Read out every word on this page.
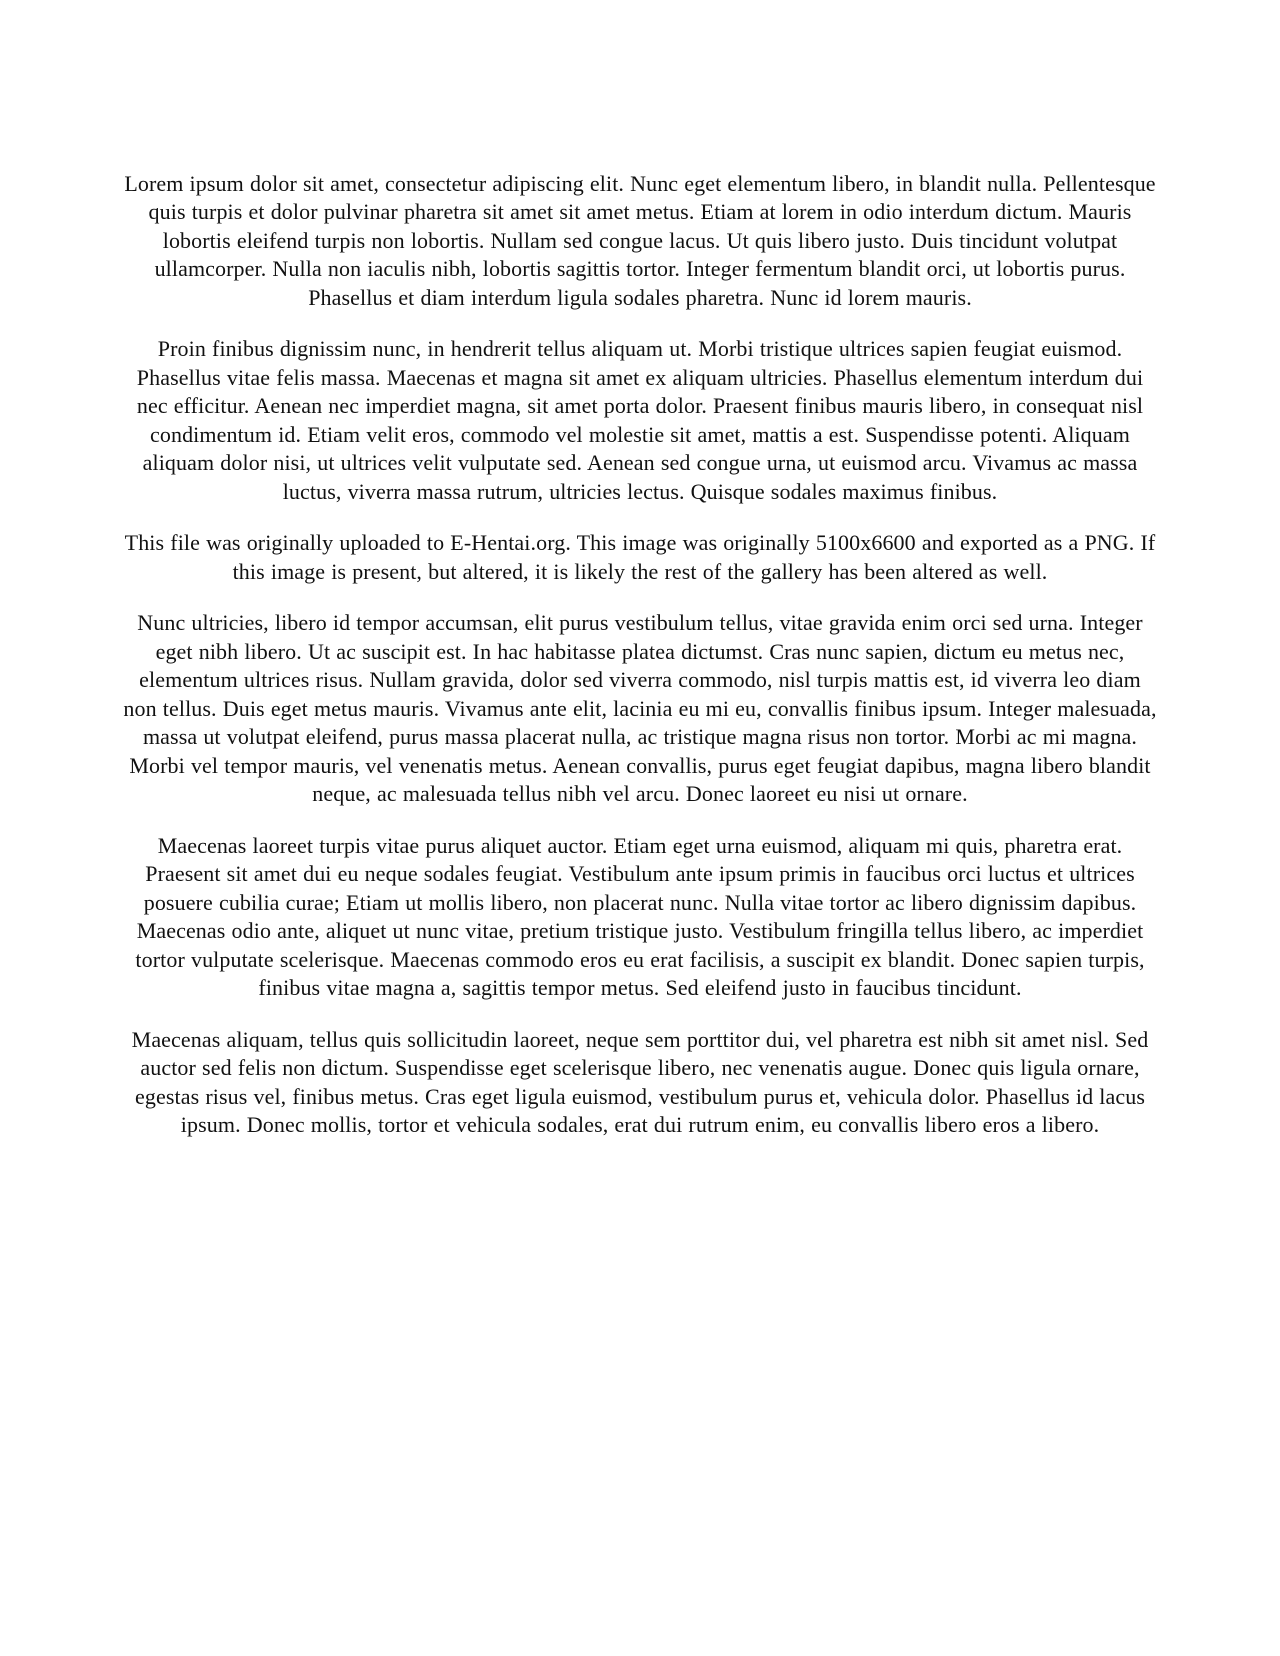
Lorem ipsum dolor sit amet, consectetur adipiscing elit. Nunc eget elementum libero, in blandit nulla. Pellentesque quis turpis et dolor pulvinar pharetra sit amet sit amet metus. Etiam at lorem in odio interdum dictum. Mauris lobortis eleifend turpis non lobortis. Nullam sed congue lacus. Ut quis libero justo. Duis tincidunt volutpat ullamcorper. Nulla non iaculis nibh, lobortis sagittis tortor. Integer fermentum blandit orci, ut lobortis purus. Phasellus et diam interdum ligula sodales pharetra. Nunc id lorem mauris.

Proin finibus dignissim nunc, in hendrerit tellus aliquam ut. Morbi tristique ultrices sapien feugiat euismod. Phasellus vitae felis massa. Maecenas et magna sit amet ex aliquam ultricies. Phasellus elementum interdum dui nec efficitur. Aenean nec imperdiet magna, sit amet porta dolor. Praesent finibus mauris libero, in consequat nisl condimentum id. Etiam velit eros, commodo vel molestie sit amet, mattis a est. Suspendisse potenti. Aliquam aliquam dolor nisi, ut ultrices velit vulputate sed. Aenean sed congue urna, ut euismod arcu. Vivamus ac massa luctus, viverra massa rutrum, ultricies lectus. Quisque sodales maximus finibus.

This file was originally uploaded to E-Hentai.org. This image was originally 5100x6600 and exported as a PNG. If this image is present, but altered, it is likely the rest of the gallery has been altered as well.

Nunc ultricies, libero id tempor accumsan, elit purus vestibulum tellus, vitae gravida enim orci sed urna. Integer eget nibh libero. Ut ac suscipit est. In hac habitasse platea dictumst. Cras nunc sapien, dictum eu metus nec, elementum ultrices risus. Nullam gravida, dolor sed viverra commodo, nisl turpis mattis est, id viverra leo diam non tellus. Duis eget metus mauris. Vivamus ante elit, lacinia eu mi eu, convallis finibus ipsum. Integer malesuada, massa ut volutpat eleifend, purus massa placerat nulla, ac tristique magna risus non tortor. Morbi ac mi magna. Morbi vel tempor mauris, vel venenatis metus. Aenean convallis, purus eget feugiat dapibus, magna libero blandit neque, ac malesuada tellus nibh vel arcu. Donec laoreet eu nisi ut ornare.

Maecenas laoreet turpis vitae purus aliquet auctor. Etiam eget urna euismod, aliquam mi quis, pharetra erat. Praesent sit amet dui eu neque sodales feugiat. Vestibulum ante ipsum primis in faucibus orci luctus et ultrices posuere cubilia curae; Etiam ut mollis libero, non placerat nunc. Nulla vitae tortor ac libero dignissim dapibus. Maecenas odio ante, aliquet ut nunc vitae, pretium tristique justo. Vestibulum fringilla tellus libero, ac imperdiet tortor vulputate scelerisque. Maecenas commodo eros eu erat facilisis, a suscipit ex blandit. Donec sapien turpis, finibus vitae magna a, sagittis tempor metus. Sed eleifend justo in faucibus tincidunt.

Maecenas aliquam, tellus quis sollicitudin laoreet, neque sem porttitor dui, vel pharetra est nibh sit amet nisl. Sed auctor sed felis non dictum. Suspendisse eget scelerisque libero, nec venenatis augue. Donec quis ligula ornare, egestas risus vel, finibus metus. Cras eget ligula euismod, vestibulum purus et, vehicula dolor. Phasellus id lacus ipsum. Donec mollis, tortor et vehicula sodales, erat dui rutrum enim, eu convallis libero eros a libero.
